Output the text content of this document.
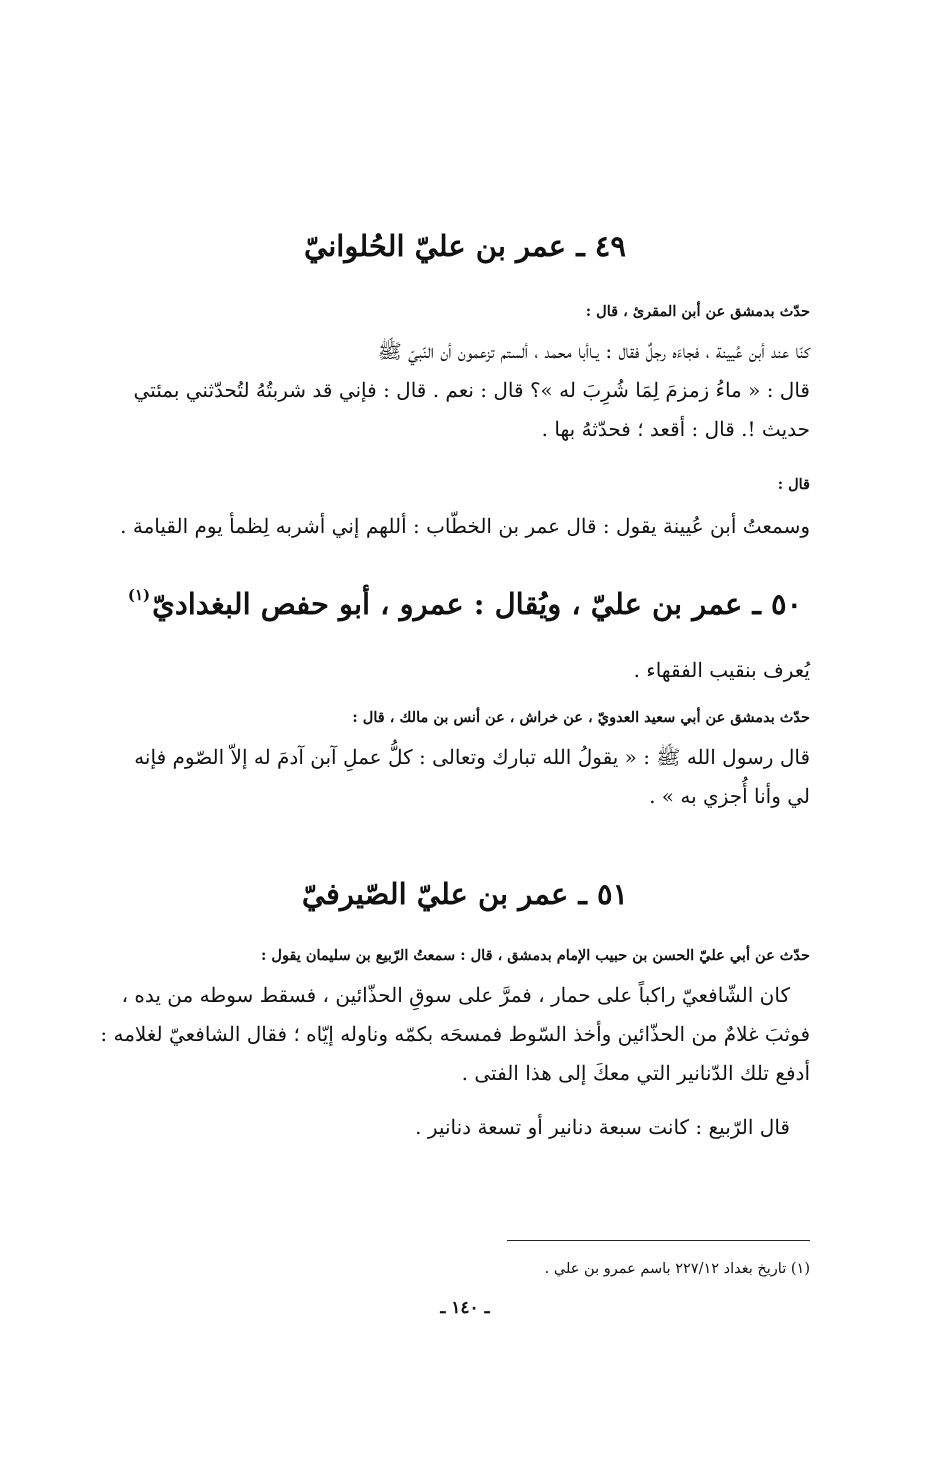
٤٩ ـ عمر بن عليّ الحُلوانيّ
حدّث بدمشق عن أبن المقرئ ، قال :
كنّا عند أبن عُيينة ، فجاءَه رجلٌ فقال : يـاأبا محمد ، ألستم تزعمون أن النّبيّ ﷺ
قال : « ماءُ زمزمَ لِمَا شُرِبَ له »؟ قال : نعم . قال : فإني قد شربتُهُ لتُحدّثني بمئتي
حديث !. قال : أقعد ؛ فحدّثهُ بها .
قال :
وسمعتُ أبن عُيينة يقول : قال عمر بن الخطّاب : أللهم إني أشربه لِظمأ يوم القيامة .
٥٠ ـ عمر بن عليّ ، ويُقال : عمرو ، أبو حفص البغداديّ$^{(١)}$
يُعرف بنقيب الفقهاء .
حدّث بدمشق عن أبي سعيد العدويّ ، عن خراش ، عن أنس بن مالك ، قال :
قال رسول الله ﷺ : « يقولُ الله تبارك وتعالى : كلُّ عملِ آبن آدمَ له إلاّ الصّوم فإنه
لي وأنا أُجزي به » .
٥١ ـ عمر بن عليّ الصّيرفيّ
حدّث عن أبي عليّ الحسن بن حبيب الإمام بدمشق ، قال : سمعتُ الرّبيع بن سليمان يقول :
كان الشّافعيّ راكباً على حمار ، فمرَّ على سوقِ الحذّائين ، فسقط سوطه من يده ،
فوثبَ غلامٌ من الحذّائين وأخذ السّوط فمسحَه بكمّه وناوله إيّاه ؛ فقال الشافعيّ لغلامه :
أدفع تلك الدّنانير التي معكَ إلى هذا الفتى .
قال الرّبيع : كانت سبعة دنانير أو تسعة دنانير .
(١) تاريخ بغداد ٢٢٧/١٢ باسم عمرو بن علي .
ـ ١٤٠ ـ
